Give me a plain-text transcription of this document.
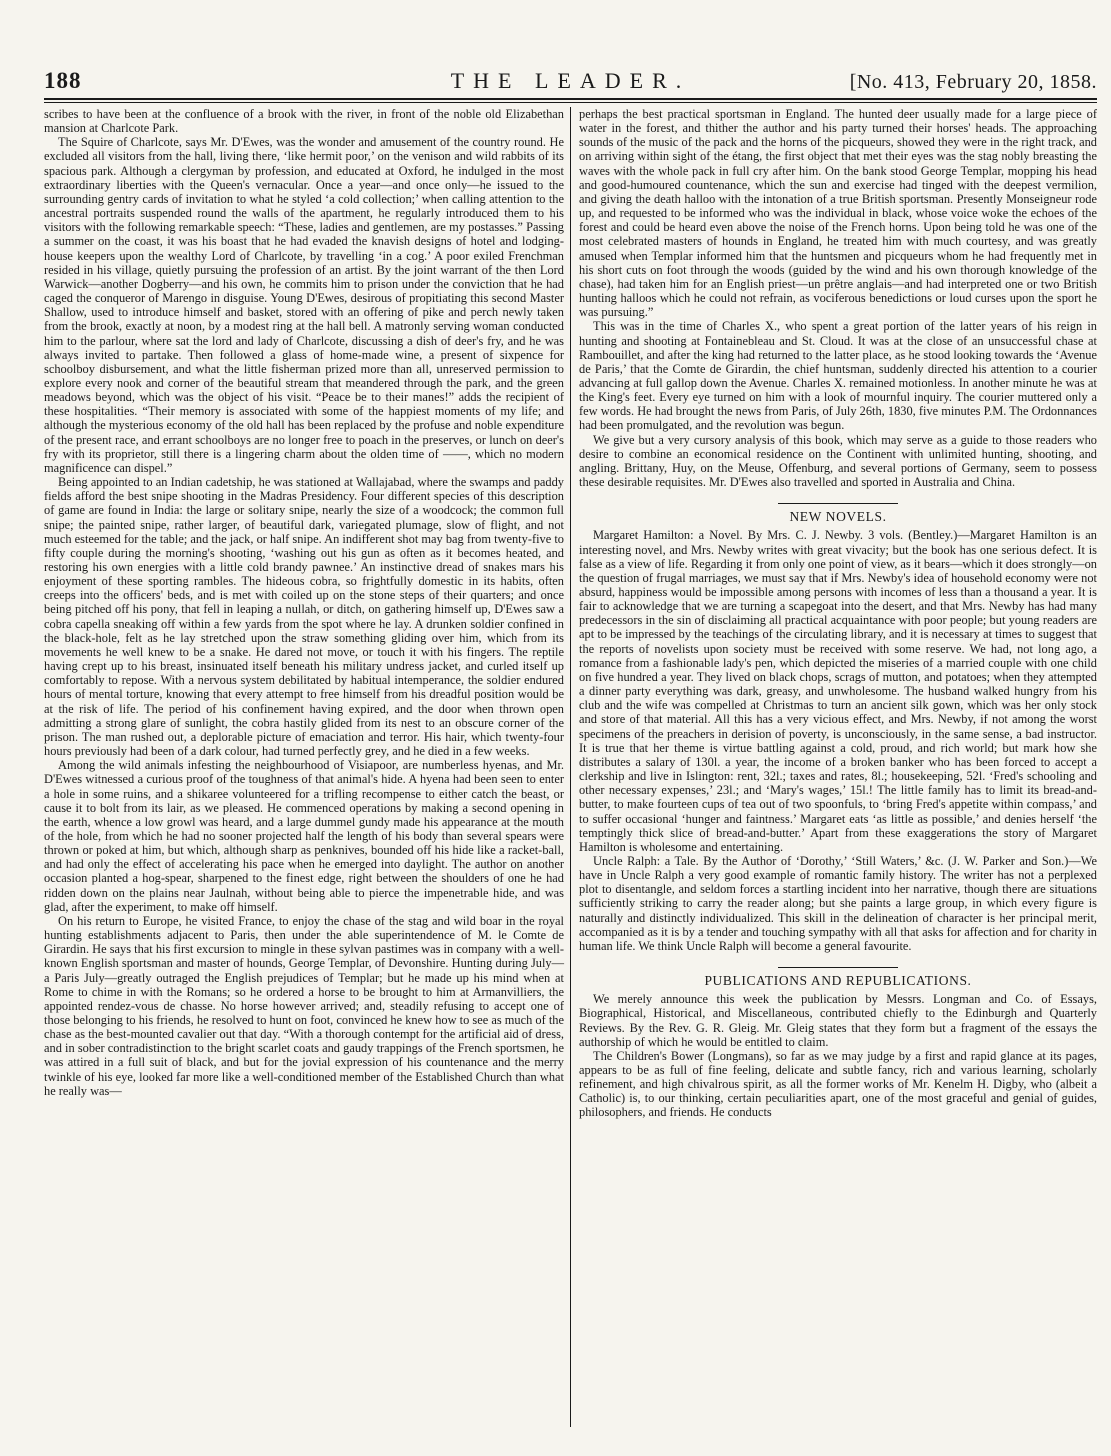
188	THE LEADER.	[No. 413, February 20, 1858.

scribes to have been at the confluence of a brook with the river, in front of the noble old Elizabethan mansion at Charlcote Park.

The Squire of Charlcote, says Mr. D'Ewes, was the wonder and amusement of the country round. He excluded all visitors from the hall, living there, ‘like hermit poor,’ on the venison and wild rabbits of its spacious park. Although a clergyman by profession, and educated at Oxford, he indulged in the most extraordinary liberties with the Queen's vernacular. Once a year—and once only—he issued to the surrounding gentry cards of invitation to what he styled ‘a cold collection;’ when calling attention to the ancestral portraits suspended round the walls of the apartment, he regularly introduced them to his visitors with the following remarkable speech: “These, ladies and gentlemen, are my postasses.” Passing a summer on the coast, it was his boast that he had evaded the knavish designs of hotel and lodging-house keepers upon the wealthy Lord of Charlcote, by travelling ‘in a cog.’ A poor exiled Frenchman resided in his village, quietly pursuing the profession of an artist. By the joint warrant of the then Lord Warwick—another Dogberry—and his own, he commits him to prison under the conviction that he had caged the conqueror of Marengo in disguise. Young D'Ewes, desirous of propitiating this second Master Shallow, used to introduce himself and basket, stored with an offering of pike and perch newly taken from the brook, exactly at noon, by a modest ring at the hall bell. A matronly serving woman conducted him to the parlour, where sat the lord and lady of Charlcote, discussing a dish of deer's fry, and he was always invited to partake. Then followed a glass of home-made wine, a present of sixpence for schoolboy disbursement, and what the little fisherman prized more than all, unreserved permission to explore every nook and corner of the beautiful stream that meandered through the park, and the green meadows beyond, which was the object of his visit. “Peace be to their manes!” adds the recipient of these hospitalities. “Their memory is associated with some of the happiest moments of my life; and although the mysterious economy of the old hall has been replaced by the profuse and noble expenditure of the present race, and errant schoolboys are no longer free to poach in the preserves, or lunch on deer's fry with its proprietor, still there is a lingering charm about the olden time of ——, which no modern magnificence can dispel.”

Being appointed to an Indian cadetship, he was stationed at Wallajabad, where the swamps and paddy fields afford the best snipe shooting in the Madras Presidency. Four different species of this description of game are found in India: the large or solitary snipe, nearly the size of a woodcock; the common full snipe; the painted snipe, rather larger, of beautiful dark, variegated plumage, slow of flight, and not much esteemed for the table; and the jack, or half snipe. An indifferent shot may bag from twenty-five to fifty couple during the morning's shooting, ‘washing out his gun as often as it becomes heated, and restoring his own energies with a little cold brandy pawnee.’ An instinctive dread of snakes mars his enjoyment of these sporting rambles. The hideous cobra, so frightfully domestic in its habits, often creeps into the officers' beds, and is met with coiled up on the stone steps of their quarters; and once being pitched off his pony, that fell in leaping a nullah, or ditch, on gathering himself up, D'Ewes saw a cobra capella sneaking off within a few yards from the spot where he lay. A drunken soldier confined in the black-hole, felt as he lay stretched upon the straw something gliding over him, which from its movements he well knew to be a snake. He dared not move, or touch it with his fingers. The reptile having crept up to his breast, insinuated itself beneath his military undress jacket, and curled itself up comfortably to repose. With a nervous system debilitated by habitual intemperance, the soldier endured hours of mental torture, knowing that every attempt to free himself from his dreadful position would be at the risk of life. The period of his confinement having expired, and the door when thrown open admitting a strong glare of sunlight, the cobra hastily glided from its nest to an obscure corner of the prison. The man rushed out, a deplorable picture of emaciation and terror. His hair, which twenty-four hours previously had been of a dark colour, had turned perfectly grey, and he died in a few weeks.

Among the wild animals infesting the neighbourhood of Visiapoor, are numberless hyenas, and Mr. D'Ewes witnessed a curious proof of the toughness of that animal's hide. A hyena had been seen to enter a hole in some ruins, and a shikaree volunteered for a trifling recompense to either catch the beast, or cause it to bolt from its lair, as we pleased. He commenced operations by making a second opening in the earth, whence a low growl was heard, and a large dummel gundy made his appearance at the mouth of the hole, from which he had no sooner projected half the length of his body than several spears were thrown or poked at him, but which, although sharp as penknives, bounded off his hide like a racket-ball, and had only the effect of accelerating his pace when he emerged into daylight. The author on another occasion planted a hog-spear, sharpened to the finest edge, right between the shoulders of one he had ridden down on the plains near Jaulnah, without being able to pierce the impenetrable hide, and was glad, after the experiment, to make off himself.

On his return to Europe, he visited France, to enjoy the chase of the stag and wild boar in the royal hunting establishments adjacent to Paris, then under the able superintendence of M. le Comte de Girardin. He says that his first excursion to mingle in these sylvan pastimes was in company with a well-known English sportsman and master of hounds, George Templar, of Devonshire. Hunting during July—a Paris July—greatly outraged the English prejudices of Templar; but he made up his mind when at Rome to chime in with the Romans; so he ordered a horse to be brought to him at Armanvilliers, the appointed rendez-vous de chasse. No horse however arrived; and, steadily refusing to accept one of those belonging to his friends, he resolved to hunt on foot, convinced he knew how to see as much of the chase as the best-mounted cavalier out that day. “With a thorough contempt for the artificial aid of dress, and in sober contradistinction to the bright scarlet coats and gaudy trappings of the French sportsmen, he was attired in a full suit of black, and but for the jovial expression of his countenance and the merry twinkle of his eye, looked far more like a well-conditioned member of the Established Church than what he really was—

perhaps the best practical sportsman in England. The hunted deer usually made for a large piece of water in the forest, and thither the author and his party turned their horses' heads. The approaching sounds of the music of the pack and the horns of the picqueurs, showed they were in the right track, and on arriving within sight of the étang, the first object that met their eyes was the stag nobly breasting the waves with the whole pack in full cry after him. On the bank stood George Templar, mopping his head and good-humoured countenance, which the sun and exercise had tinged with the deepest vermilion, and giving the death halloo with the intonation of a true British sportsman. Presently Monseigneur rode up, and requested to be informed who was the individual in black, whose voice woke the echoes of the forest and could be heard even above the noise of the French horns. Upon being told he was one of the most celebrated masters of hounds in England, he treated him with much courtesy, and was greatly amused when Templar informed him that the huntsmen and picqueurs whom he had frequently met in his short cuts on foot through the woods (guided by the wind and his own thorough knowledge of the chase), had taken him for an English priest—un prêtre anglais—and had interpreted one or two British hunting halloos which he could not refrain, as vociferous benedictions or loud curses upon the sport he was pursuing.”

This was in the time of Charles X., who spent a great portion of the latter years of his reign in hunting and shooting at Fontainebleau and St. Cloud. It was at the close of an unsuccessful chase at Rambouillet, and after the king had returned to the latter place, as he stood looking towards the ‘Avenue de Paris,’ that the Comte de Girardin, the chief huntsman, suddenly directed his attention to a courier advancing at full gallop down the Avenue. Charles X. remained motionless. In another minute he was at the King's feet. Every eye turned on him with a look of mournful inquiry. The courier muttered only a few words. He had brought the news from Paris, of July 26th, 1830, five minutes P.M. The Ordonnances had been promulgated, and the revolution was begun.

We give but a very cursory analysis of this book, which may serve as a guide to those readers who desire to combine an economical residence on the Continent with unlimited hunting, shooting, and angling. Brittany, Huy, on the Meuse, Offenburg, and several portions of Germany, seem to possess these desirable requisites. Mr. D'Ewes also travelled and sported in Australia and China.

NEW NOVELS.

Margaret Hamilton: a Novel. By Mrs. C. J. Newby. 3 vols. (Bentley.)—Margaret Hamilton is an interesting novel, and Mrs. Newby writes with great vivacity; but the book has one serious defect. It is false as a view of life. Regarding it from only one point of view, as it bears—which it does strongly—on the question of frugal marriages, we must say that if Mrs. Newby's idea of household economy were not absurd, happiness would be impossible among persons with incomes of less than a thousand a year. It is fair to acknowledge that we are turning a scapegoat into the desert, and that Mrs. Newby has had many predecessors in the sin of disclaiming all practical acquaintance with poor people; but young readers are apt to be impressed by the teachings of the circulating library, and it is necessary at times to suggest that the reports of novelists upon society must be received with some reserve. We had, not long ago, a romance from a fashionable lady's pen, which depicted the miseries of a married couple with one child on five hundred a year. They lived on black chops, scrags of mutton, and potatoes; when they attempted a dinner party everything was dark, greasy, and unwholesome. The husband walked hungry from his club and the wife was compelled at Christmas to turn an ancient silk gown, which was her only stock and store of that material. All this has a very vicious effect, and Mrs. Newby, if not among the worst specimens of the preachers in derision of poverty, is unconsciously, in the same sense, a bad instructor. It is true that her theme is virtue battling against a cold, proud, and rich world; but mark how she distributes a salary of 130l. a year, the income of a broken banker who has been forced to accept a clerkship and live in Islington: rent, 32l.; taxes and rates, 8l.; housekeeping, 52l. ‘Fred's schooling and other necessary expenses,’ 23l.; and ‘Mary's wages,’ 15l.! The little family has to limit its bread-and-butter, to make fourteen cups of tea out of two spoonfuls, to ‘bring Fred's appetite within compass,’ and to suffer occasional ‘hunger and faintness.’ Margaret eats ‘as little as possible,’ and denies herself ‘the temptingly thick slice of bread-and-butter.’ Apart from these exaggerations the story of Margaret Hamilton is wholesome and entertaining.

Uncle Ralph: a Tale. By the Author of ‘Dorothy,’ ‘Still Waters,’ &c. (J. W. Parker and Son.)—We have in Uncle Ralph a very good example of romantic family history. The writer has not a perplexed plot to disentangle, and seldom forces a startling incident into her narrative, though there are situations sufficiently striking to carry the reader along; but she paints a large group, in which every figure is naturally and distinctly individualized. This skill in the delineation of character is her principal merit, accompanied as it is by a tender and touching sympathy with all that asks for affection and for charity in human life. We think Uncle Ralph will become a general favourite.

PUBLICATIONS AND REPUBLICATIONS.

We merely announce this week the publication by Messrs. Longman and Co. of Essays, Biographical, Historical, and Miscellaneous, contributed chiefly to the Edinburgh and Quarterly Reviews. By the Rev. G. R. Gleig. Mr. Gleig states that they form but a fragment of the essays the authorship of which he would be entitled to claim.

The Children's Bower (Longmans), so far as we may judge by a first and rapid glance at its pages, appears to be as full of fine feeling, delicate and subtle fancy, rich and various learning, scholarly refinement, and high chivalrous spirit, as all the former works of Mr. Kenelm H. Digby, who (albeit a Catholic) is, to our thinking, certain peculiarities apart, one of the most graceful and genial of guides, philosophers, and friends. He conducts
